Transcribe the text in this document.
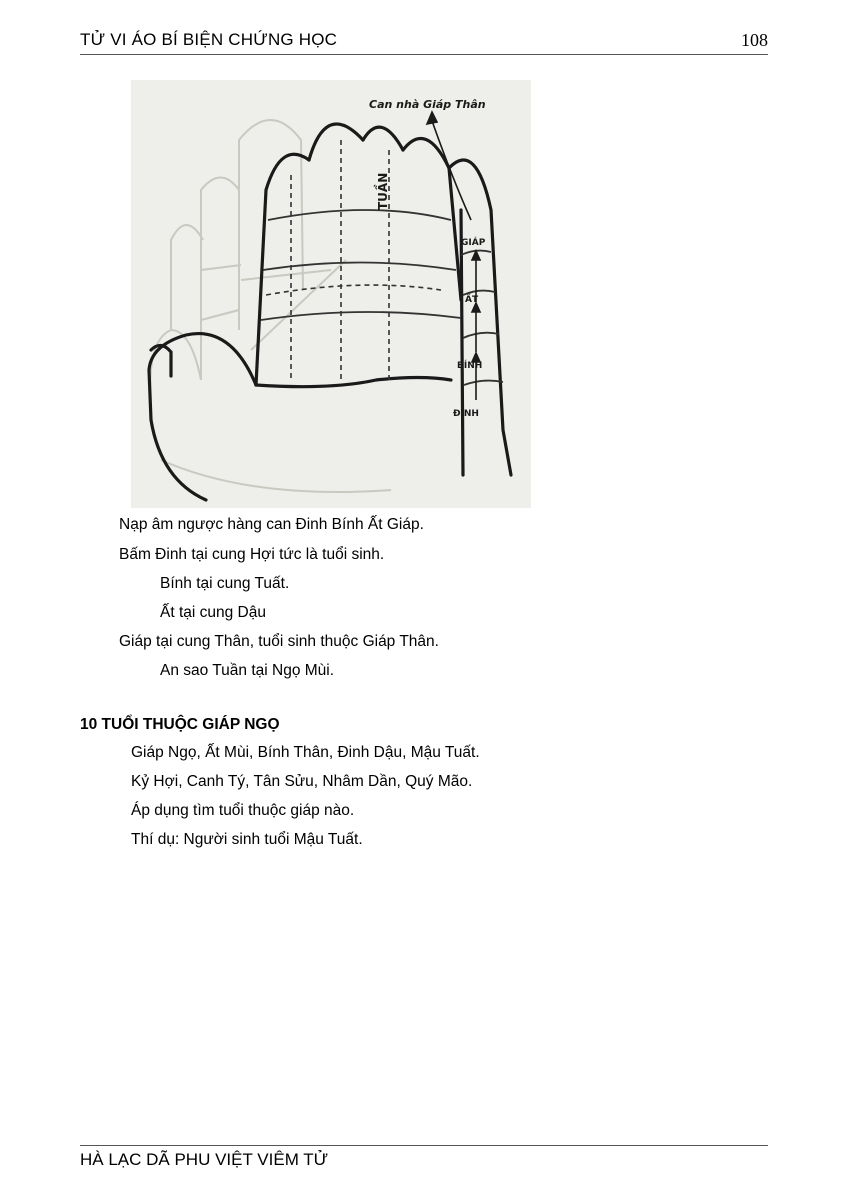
TỬ VI ÁO BÍ BIỆN CHỨNG HỌC	108
Can nhà Giáp Thân
TUẦN
GIÁP
ẤT
BÍNH
ĐINH
Nạp âm ngược hàng can Đinh Bính Ất Giáp.
Bấm Đinh tại cung Hợi tức là tuổi sinh.
Bính tại cung Tuất.
Ất tại cung Dậu
Giáp tại cung Thân, tuổi sinh thuộc Giáp Thân.
An sao Tuần tại Ngọ Mùi.
10 TUỔI THUỘC GIÁP NGỌ
Giáp Ngọ, Ất Mùi, Bính Thân, Đinh Dậu, Mậu Tuất.
Kỷ Hợi, Canh Tý, Tân Sửu, Nhâm Dần, Quý Mão.
Áp dụng tìm tuổi thuộc giáp nào.
Thí dụ: Người sinh tuổi Mậu Tuất.
HÀ LẠC DÃ PHU VIỆT VIÊM TỬ
